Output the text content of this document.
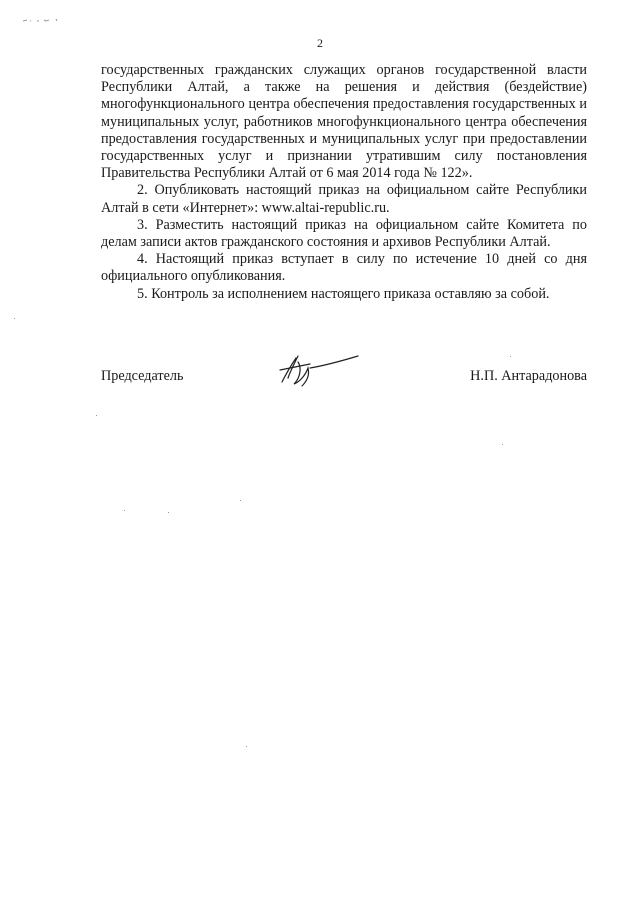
2

государственных гражданских служащих органов государственной власти Республики Алтай, а также на решения и действия (бездействие) многофункционального центра обеспечения предоставления государственных и муниципальных услуг, работников многофункционального центра обеспечения предоставления государственных и муниципальных услуг при предоставлении государственных услуг и признании утратившим силу постановления Правительства Республики Алтай от 6 мая 2014 года № 122».

2. Опубликовать настоящий приказ на официальном сайте Республики Алтай в сети «Интернет»: www.altai-republic.ru.

3. Разместить настоящий приказ на официальном сайте Комитета по делам записи актов гражданского состояния и архивов Республики Алтай.

4. Настоящий приказ вступает в силу по истечение 10 дней со дня официального опубликования.

5. Контроль за исполнением настоящего приказа оставляю за собой.

Председатель	Н.П. Антарадонова
